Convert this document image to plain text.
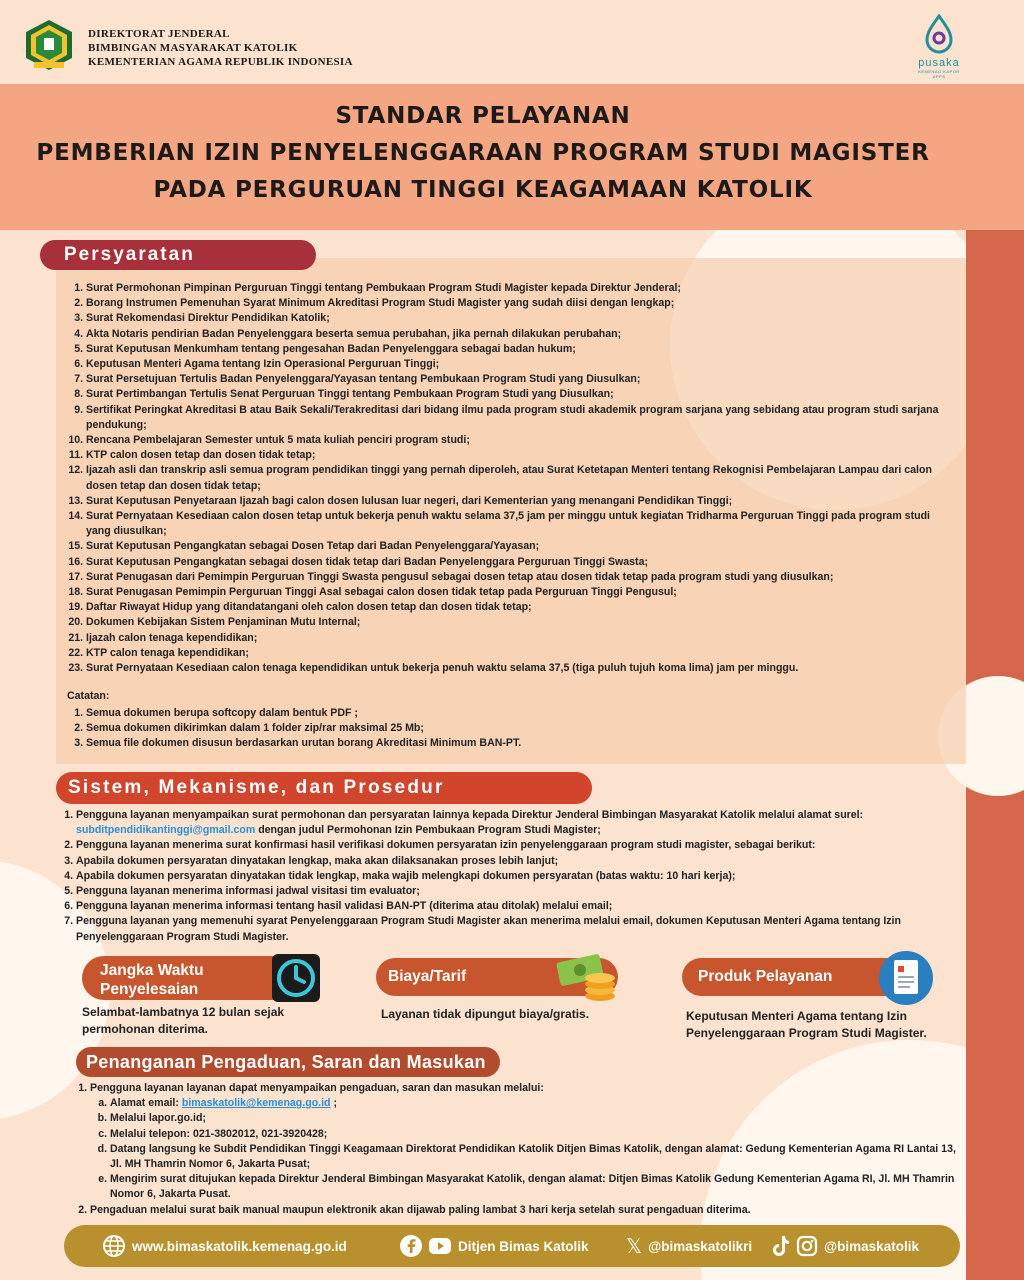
DIREKTORAT JENDERAL
BIMBINGAN MASYARAKAT KATOLIK
KEMENTERIAN AGAMA REPUBLIK INDONESIA	pusaka
KEMENAG KAPOR APPS
STANDAR PELAYANAN
PEMBERIAN IZIN PENYELENGGARAAN PROGRAM STUDI MAGISTER
PADA PERGURUAN TINGGI KEAGAMAAN KATOLIK
Persyaratan
1. Surat Permohonan Pimpinan Perguruan Tinggi tentang Pembukaan Program Studi Magister kepada Direktur Jenderal;
2. Borang Instrumen Pemenuhan Syarat Minimum Akreditasi Program Studi Magister yang sudah diisi dengan lengkap;
3. Surat Rekomendasi Direktur Pendidikan Katolik;
4. Akta Notaris pendirian Badan Penyelenggara beserta semua perubahan, jika pernah dilakukan perubahan;
5. Surat Keputusan Menkumham tentang pengesahan Badan Penyelenggara sebagai badan hukum;
6. Keputusan Menteri Agama tentang Izin Operasional Perguruan Tinggi;
7. Surat Persetujuan Tertulis Badan Penyelenggara/Yayasan tentang Pembukaan Program Studi yang Diusulkan;
8. Surat Pertimbangan Tertulis Senat Perguruan Tinggi tentang Pembukaan Program Studi yang Diusulkan;
9. Sertifikat Peringkat Akreditasi B atau Baik Sekali/Terakreditasi dari bidang ilmu pada program studi akademik program sarjana yang sebidang atau program studi sarjana pendukung;
10. Rencana Pembelajaran Semester untuk 5 mata kuliah penciri program studi;
11. KTP calon dosen tetap dan dosen tidak tetap;
12. Ijazah asli dan transkrip asli semua program pendidikan tinggi yang pernah diperoleh, atau Surat Ketetapan Menteri tentang Rekognisi Pembelajaran Lampau dari calon dosen tetap dan dosen tidak tetap;
13. Surat Keputusan Penyetaraan Ijazah bagi calon dosen lulusan luar negeri, dari Kementerian yang menangani Pendidikan Tinggi;
14. Surat Pernyataan Kesediaan calon dosen tetap untuk bekerja penuh waktu selama 37,5 jam per minggu untuk kegiatan Tridharma Perguruan Tinggi pada program studi yang diusulkan;
15. Surat Keputusan Pengangkatan sebagai Dosen Tetap dari Badan Penyelenggara/Yayasan;
16. Surat Keputusan Pengangkatan sebagai dosen tidak tetap dari Badan Penyelenggara Perguruan Tinggi Swasta;
17. Surat Penugasan dari Pemimpin Perguruan Tinggi Swasta pengusul sebagai dosen tetap atau dosen tidak tetap pada program studi yang diusulkan;
18. Surat Penugasan Pemimpin Perguruan Tinggi Asal sebagai calon dosen tidak tetap pada Perguruan Tinggi Pengusul;
19. Daftar Riwayat Hidup yang ditandatangani oleh calon dosen tetap dan dosen tidak tetap;
20. Dokumen Kebijakan Sistem Penjaminan Mutu Internal;
21. Ijazah calon tenaga kependidikan;
22. KTP calon tenaga kependidikan;
23. Surat Pernyataan Kesediaan calon tenaga kependidikan untuk bekerja penuh waktu selama 37,5 (tiga puluh tujuh koma lima) jam per minggu.
Catatan:
1. Semua dokumen berupa softcopy dalam bentuk PDF ;
2. Semua dokumen dikirimkan dalam 1 folder zip/rar maksimal 25 Mb;
3. Semua file dokumen disusun berdasarkan urutan borang Akreditasi Minimum BAN-PT.
Sistem, Mekanisme, dan Prosedur
1. Pengguna layanan menyampaikan surat permohonan dan persyaratan lainnya kepada Direktur Jenderal Bimbingan Masyarakat Katolik melalui alamat surel:
subditpendidikantinggi@gmail.com dengan judul Permohonan Izin Pembukaan Program Studi Magister;
2. Pengguna layanan menerima surat konfirmasi hasil verifikasi dokumen persyaratan izin penyelenggaraan program studi magister, sebagai berikut:
3. Apabila dokumen persyaratan dinyatakan lengkap, maka akan dilaksanakan proses lebih lanjut;
4. Apabila dokumen persyaratan dinyatakan tidak lengkap, maka wajib melengkapi dokumen persyaratan (batas waktu: 10 hari kerja);
5. Pengguna layanan menerima informasi jadwal visitasi tim evaluator;
6. Pengguna layanan menerima informasi tentang hasil validasi BAN-PT (diterima atau ditolak) melalui email;
7. Pengguna layanan yang memenuhi syarat Penyelenggaraan Program Studi Magister akan menerima melalui email, dokumen Keputusan Menteri Agama tentang Izin Penyelenggaraan Program Studi Magister.
Jangka Waktu
Penyelesaian
Selambat-lambatnya 12 bulan sejak permohonan diterima.
Biaya/Tarif
Layanan tidak dipungut biaya/gratis.
Produk Pelayanan
Keputusan Menteri Agama tentang Izin Penyelenggaraan Program Studi Magister.
Penanganan Pengaduan, Saran dan Masukan
1. Pengguna layanan layanan dapat menyampaikan pengaduan, saran dan masukan melalui:
a. Alamat email: bimaskatolik@kemenag.go.id ;
b. Melalui lapor.go.id;
c. Melalui telepon: 021-3802012, 021-3920428;
d. Datang langsung ke Subdit Pendidikan Tinggi Keagamaan Direktorat Pendidikan Katolik Ditjen Bimas Katolik, dengan alamat: Gedung Kementerian Agama RI Lantai 13, Jl. MH Thamrin Nomor 6, Jakarta Pusat;
e. Mengirim surat ditujukan kepada Direktur Jenderal Bimbingan Masyarakat Katolik, dengan alamat: Ditjen Bimas Katolik Gedung Kementerian Agama RI, Jl. MH Thamrin Nomor 6, Jakarta Pusat.
2. Pengaduan melalui surat baik manual maupun elektronik akan dijawab paling lambat 3 hari kerja setelah surat pengaduan diterima.
www.bimaskatolik.kemenag.go.id	Ditjen Bimas Katolik 𝕏 @bimaskatolikri	@bimaskatolik
